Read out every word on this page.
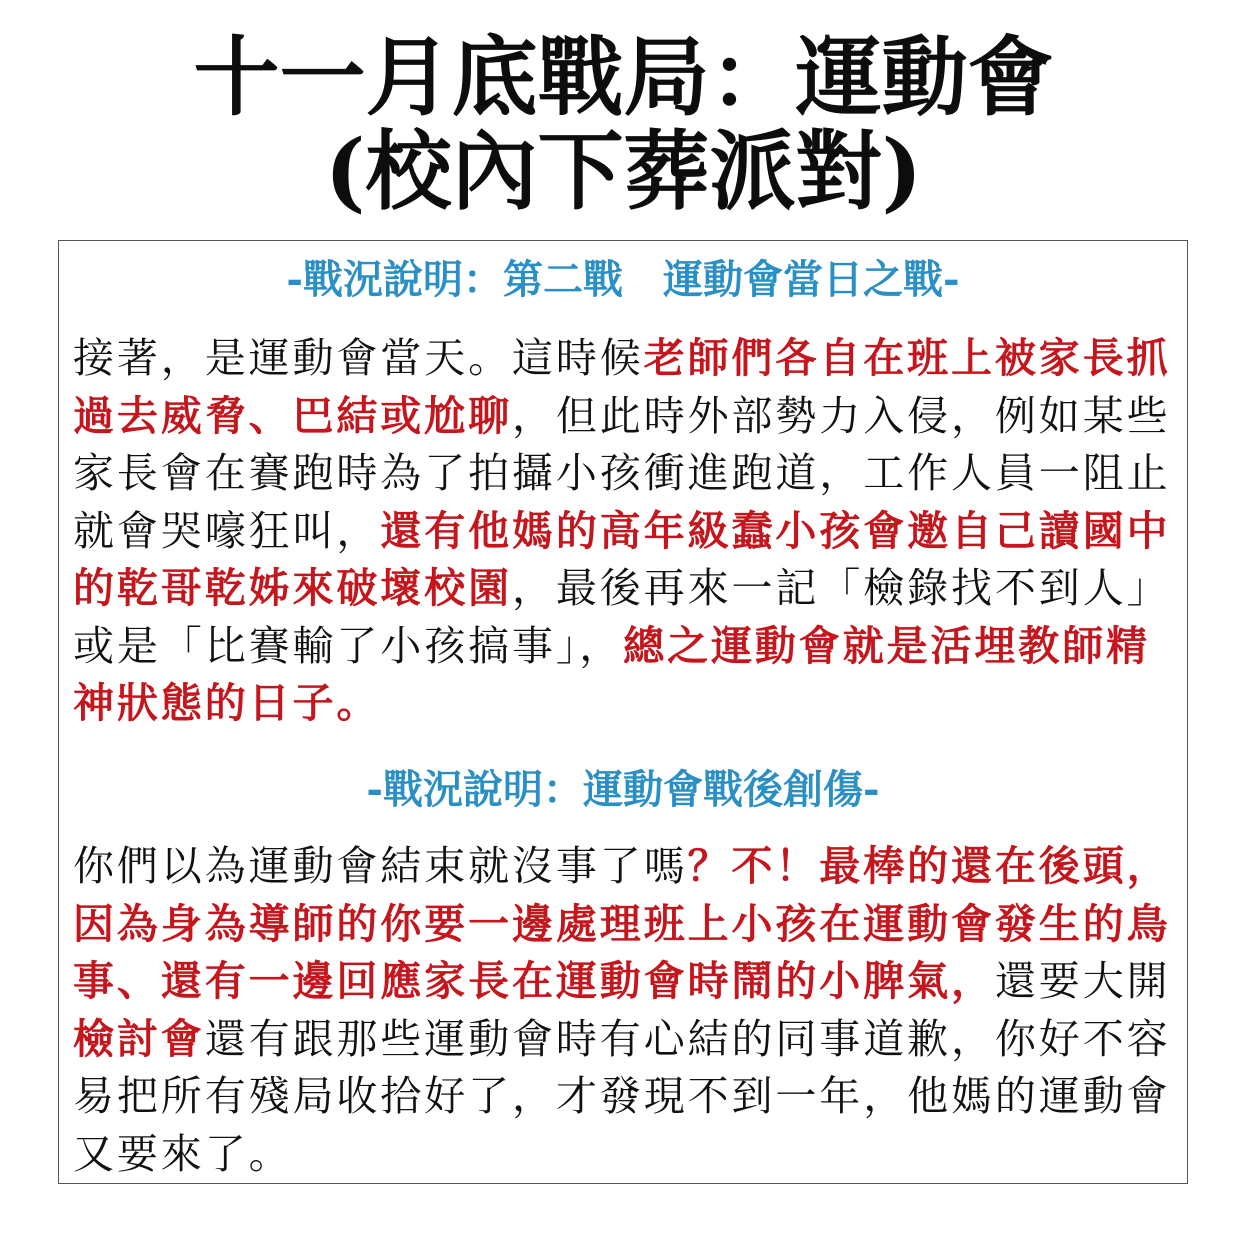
十一月底戰局：運動會
(校內下葬派對)
-戰況說明：第二戰　運動會當日之戰-

接著，是運動會當天。這時候老師們各自在班上被家長抓過去威脅、巴結或尬聊，但此時外部勢力入侵，例如某些家長會在賽跑時為了拍攝小孩衝進跑道，工作人員一阻止就會哭嚎狂叫，還有他媽的高年級蠢小孩會邀自己讀國中的乾哥乾姊來破壞校園，最後再來一記「檢錄找不到人」或是「比賽輸了小孩搞事」，總之運動會就是活埋教師精神狀態的日子。

-戰況說明：運動會戰後創傷-

你們以為運動會結束就沒事了嗎？不！最棒的還在後頭，因為身為導師的你要一邊處理班上小孩在運動會發生的鳥事、還有一邊回應家長在運動會時鬧的小脾氣，還要大開檢討會還有跟那些運動會時有心結的同事道歉，你好不容易把所有殘局收拾好了，才發現不到一年，他媽的運動會又要來了。
